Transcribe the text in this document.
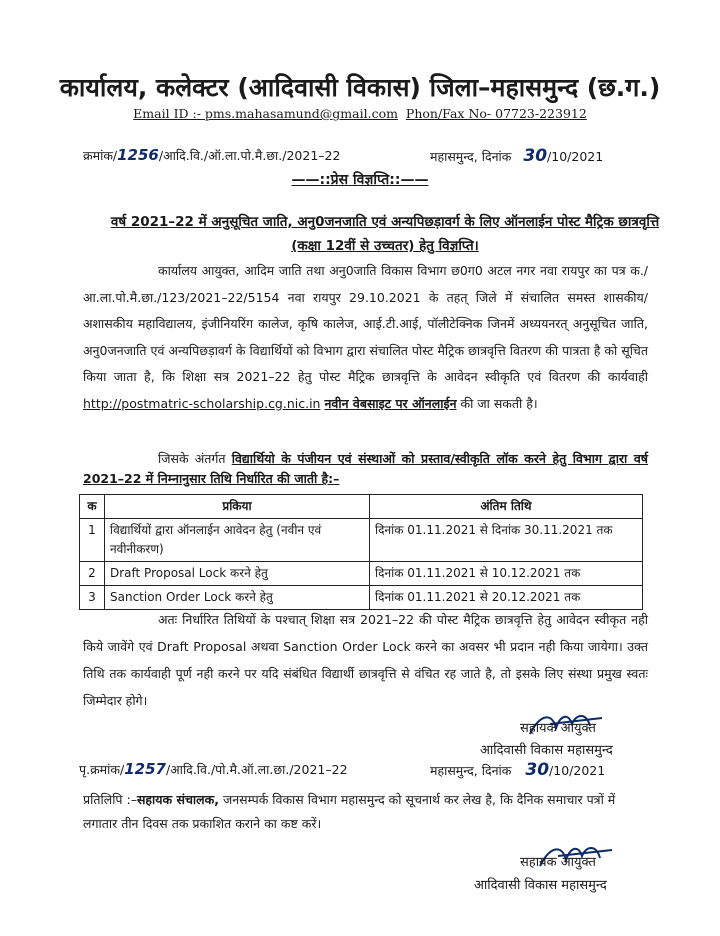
कार्यालय, कलेक्टर (आदिवासी विकास) जिला–महासमुन्द (छ.ग.)
Email ID :- pms.mahasamund@gmail.com Phon/Fax No- 07723-223912
क्रमांक/1256/आदि.वि./ऑ.ला.पो.मै.छा./2021–22	महासमुन्द, दिनांक 30/10/2021
——::प्रेस विज्ञप्ति::——
वर्ष 2021–22 में अनुसूचित जाति, अनु0जनजाति एवं अन्यपिछड़ावर्ग के लिए ऑनलाईन पोस्ट मैट्रिक छात्रवृत्ति (कक्षा 12वीं से उच्चतर) हेतु विज्ञप्ति।
कार्यालय आयुक्त, आदिम जाति तथा अनु0जाति विकास विभाग छ0ग0 अटल नगर नवा रायपुर का पत्र क./आ.ला.पो.मै.छा./123/2021–22/5154 नवा रायपुर 29.10.2021 के तहत् जिले में संचालित समस्त शासकीय/अशासकीय महाविद्यालय, इंजीनियरिंग कालेज, कृषि कालेज, आई.टी.आई, पॉलीटेक्निक जिनमें अध्ययनरत् अनुसूचित जाति, अनु0जनजाति एवं अन्यपिछड़ावर्ग के विद्यार्थियों को विभाग द्वारा संचालित पोस्ट मैट्रिक छात्रवृत्ति वितरण की पात्रता है को सूचित किया जाता है, कि शिक्षा सत्र 2021–22 हेतु पोस्ट मैट्रिक छात्रवृत्ति के आवेदन स्वीकृति एवं वितरण की कार्यवाही http://postmatric-scholarship.cg.nic.in नवीन वेबसाइट पर ऑनलाईन की जा सकती है।
जिसके अंतर्गत विद्यार्थियो के पंजीयन एवं संस्थाओं को प्रस्ताव/स्वीकृति लॉक करने हेतु विभाग द्वारा वर्ष 2021–22 में निम्नानुसार तिथि निर्धारित की जाती है:–
क	प्रकिया	अंतिम तिथि
1	विद्यार्थियों द्वारा ऑनलाईन आवेदन हेतु (नवीन एवं नवीनीकरण)	दिनांक 01.11.2021 से दिनांक 30.11.2021 तक
2	Draft Proposal Lock करने हेतु	दिनांक 01.11.2021 से 10.12.2021 तक
3	Sanction Order Lock करने हेतु	दिनांक 01.11.2021 से 20.12.2021 तक
अतः निर्धारित तिथियों के पश्चात् शिक्षा सत्र 2021–22 की पोस्ट मैट्रिक छात्रवृत्ति हेतु आवेदन स्वीकृत नही किये जावेंगे एवं Draft Proposal अथवा Sanction Order Lock करने का अवसर भी प्रदान नही किया जायेगा। उक्त तिथि तक कार्यवाही पूर्ण नही करने पर यदि संबंधित विद्यार्थी छात्रवृत्ति से वंचित रह जाते है, तो इसके लिए संस्था प्रमुख स्वतः जिम्मेदार होगे।
सहायक आयुक्त
आदिवासी विकास महासमुन्द
पृ.क्रमांक/1257/आदि.वि./पो.मै.ऑ.ला.छा./2021–22	महासमुन्द, दिनांक 30/10/2021
प्रतिलिपि :–सहायक संचालक, जनसम्पर्क विकास विभाग महासमुन्द को सूचनार्थ कर लेख है, कि दैनिक समाचार पत्रों में लगातार तीन दिवस तक प्रकाशित कराने का कष्ट करें।
सहायक आयुक्त
आदिवासी विकास महासमुन्द
